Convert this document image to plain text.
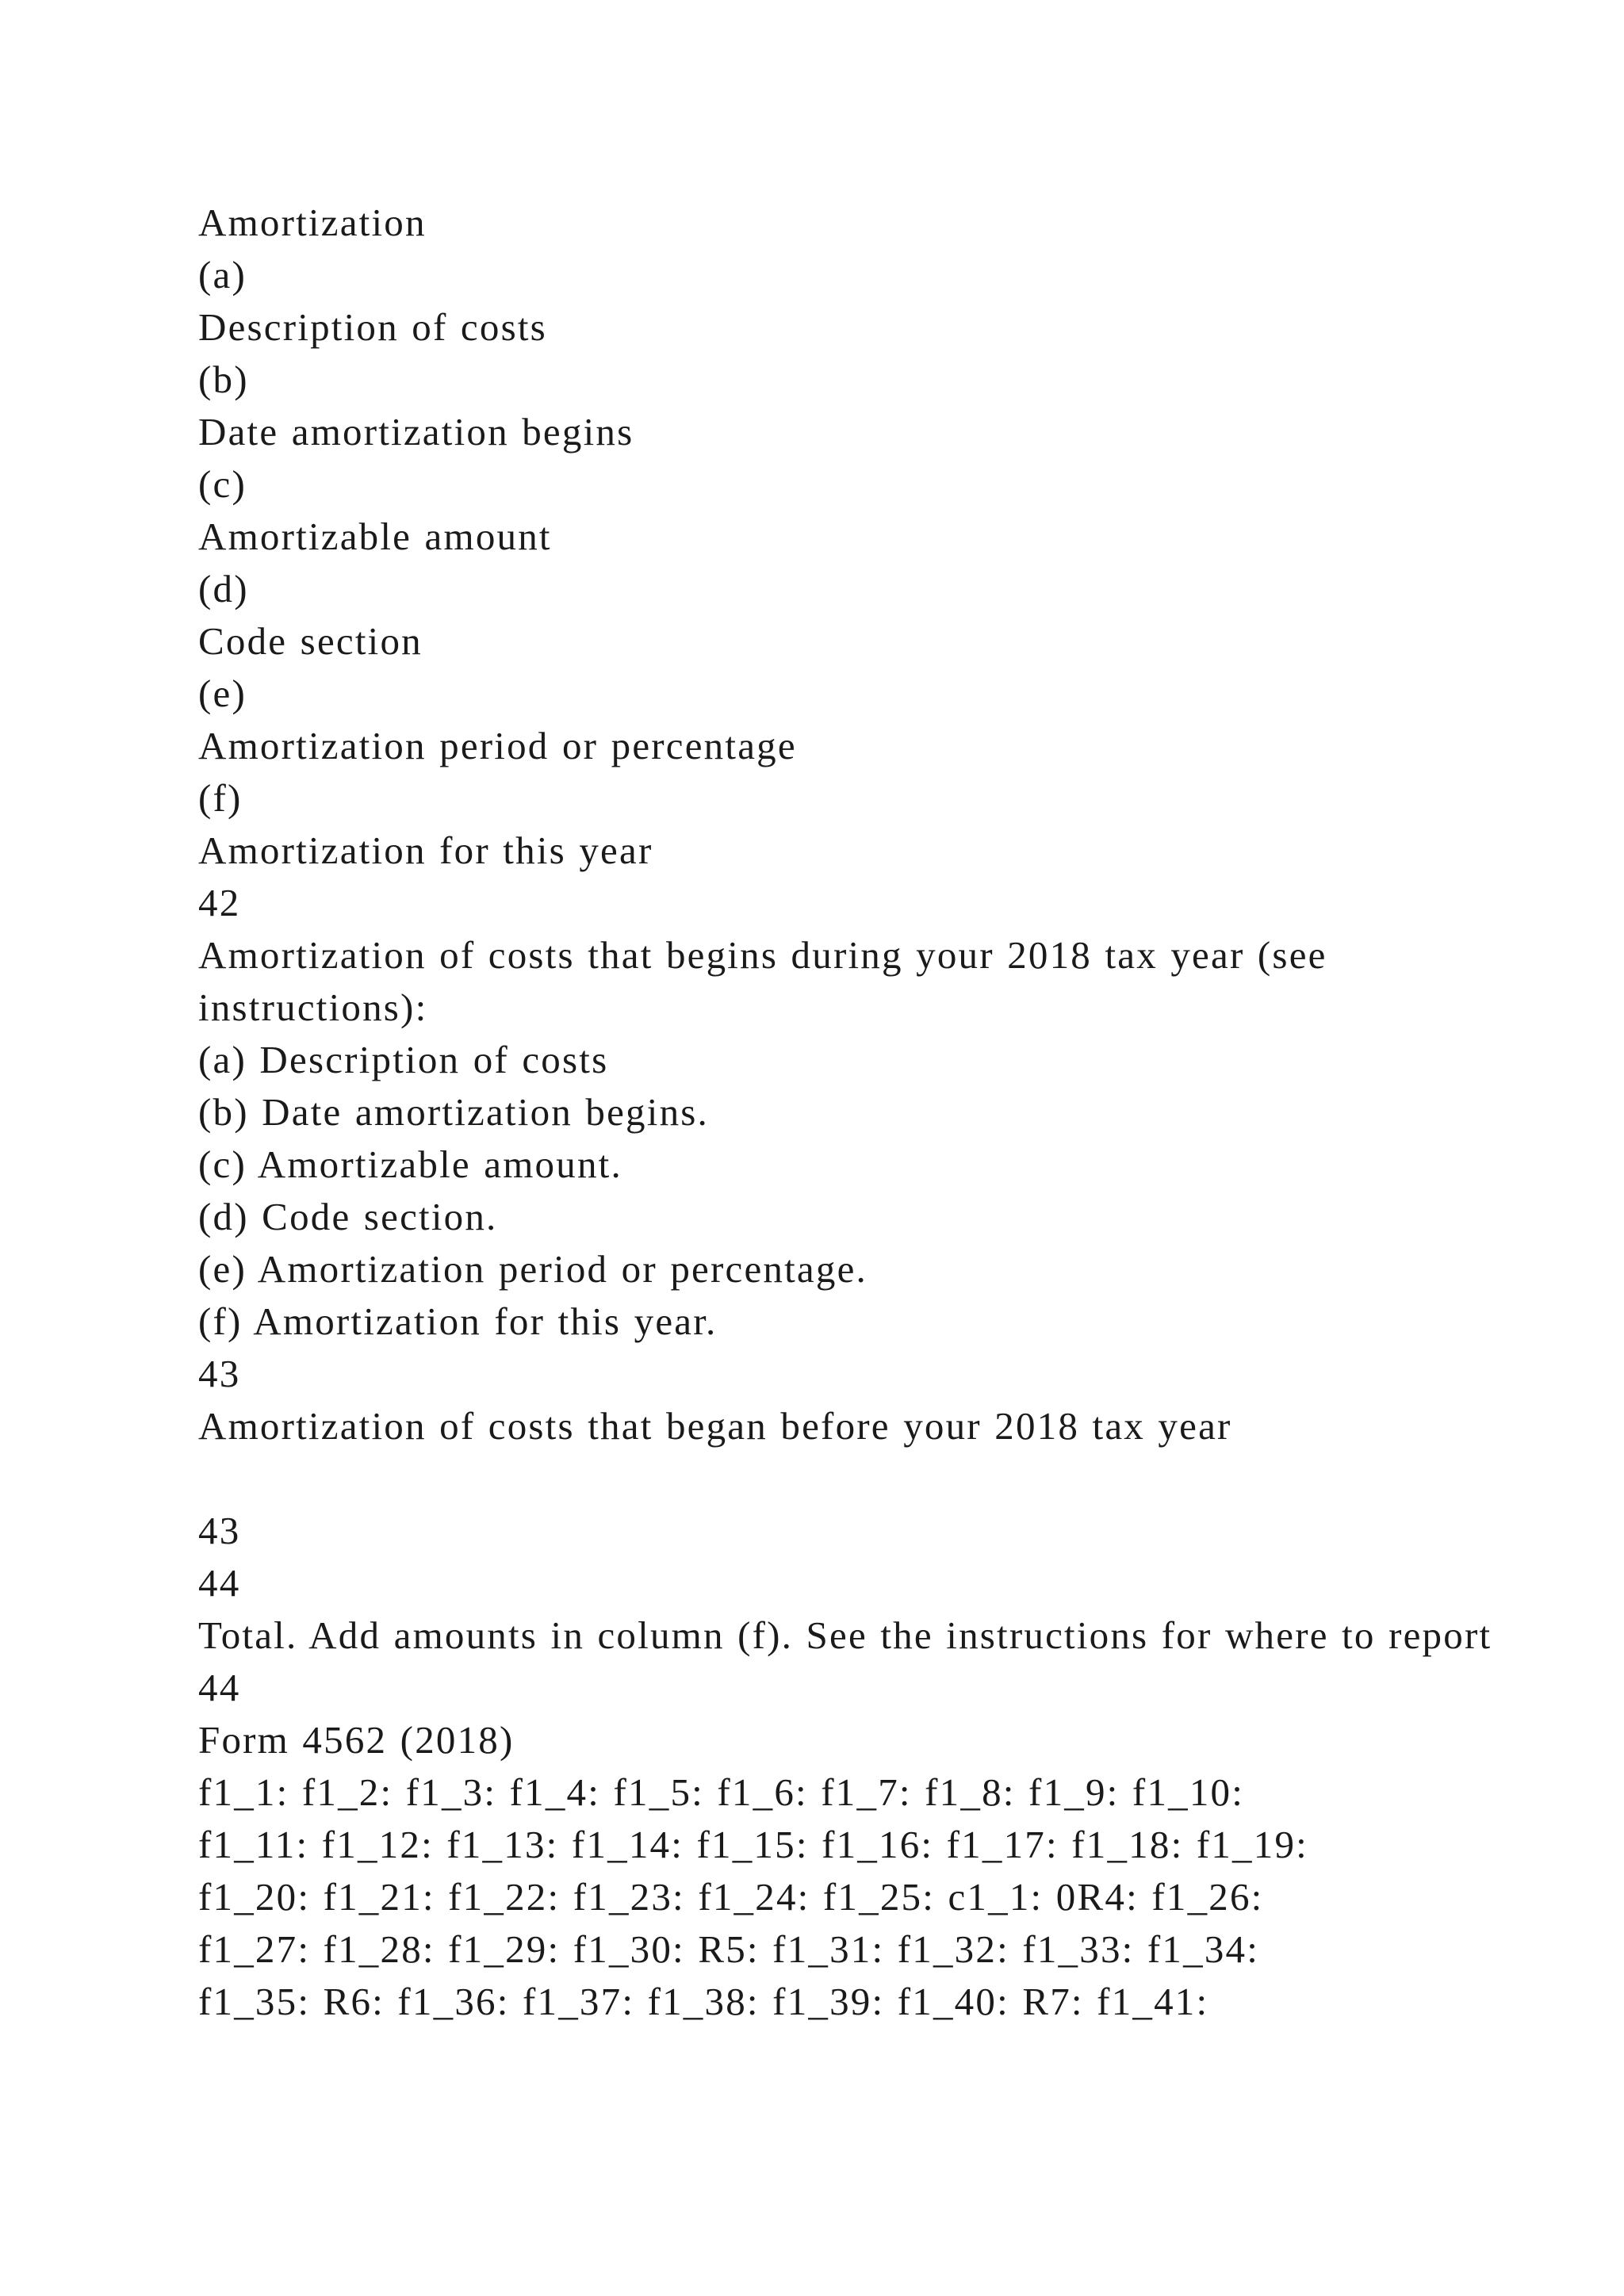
Amortization
(a)
Description of costs
(b)
Date amortization begins
(c)
Amortizable amount
(d)
Code section
(e)
Amortization period or percentage
(f)
Amortization for this year
42
Amortization of costs that begins during your 2018 tax year (see instructions):
(a) Description of costs
(b) Date amortization begins.
(c) Amortizable amount.
(d) Code section.
(e) Amortization period or percentage.
(f) Amortization for this year.
43
Amortization of costs that began before your 2018 tax year
43
44
Total. Add amounts in column (f). See the instructions for where to report
44
Form 4562 (2018)
f1_1: f1_2: f1_3: f1_4: f1_5: f1_6: f1_7: f1_8: f1_9: f1_10:
f1_11: f1_12: f1_13: f1_14: f1_15: f1_16: f1_17: f1_18: f1_19:
f1_20: f1_21: f1_22: f1_23: f1_24: f1_25: c1_1: 0R4: f1_26:
f1_27: f1_28: f1_29: f1_30: R5: f1_31: f1_32: f1_33: f1_34:
f1_35: R6: f1_36: f1_37: f1_38: f1_39: f1_40: R7: f1_41:
